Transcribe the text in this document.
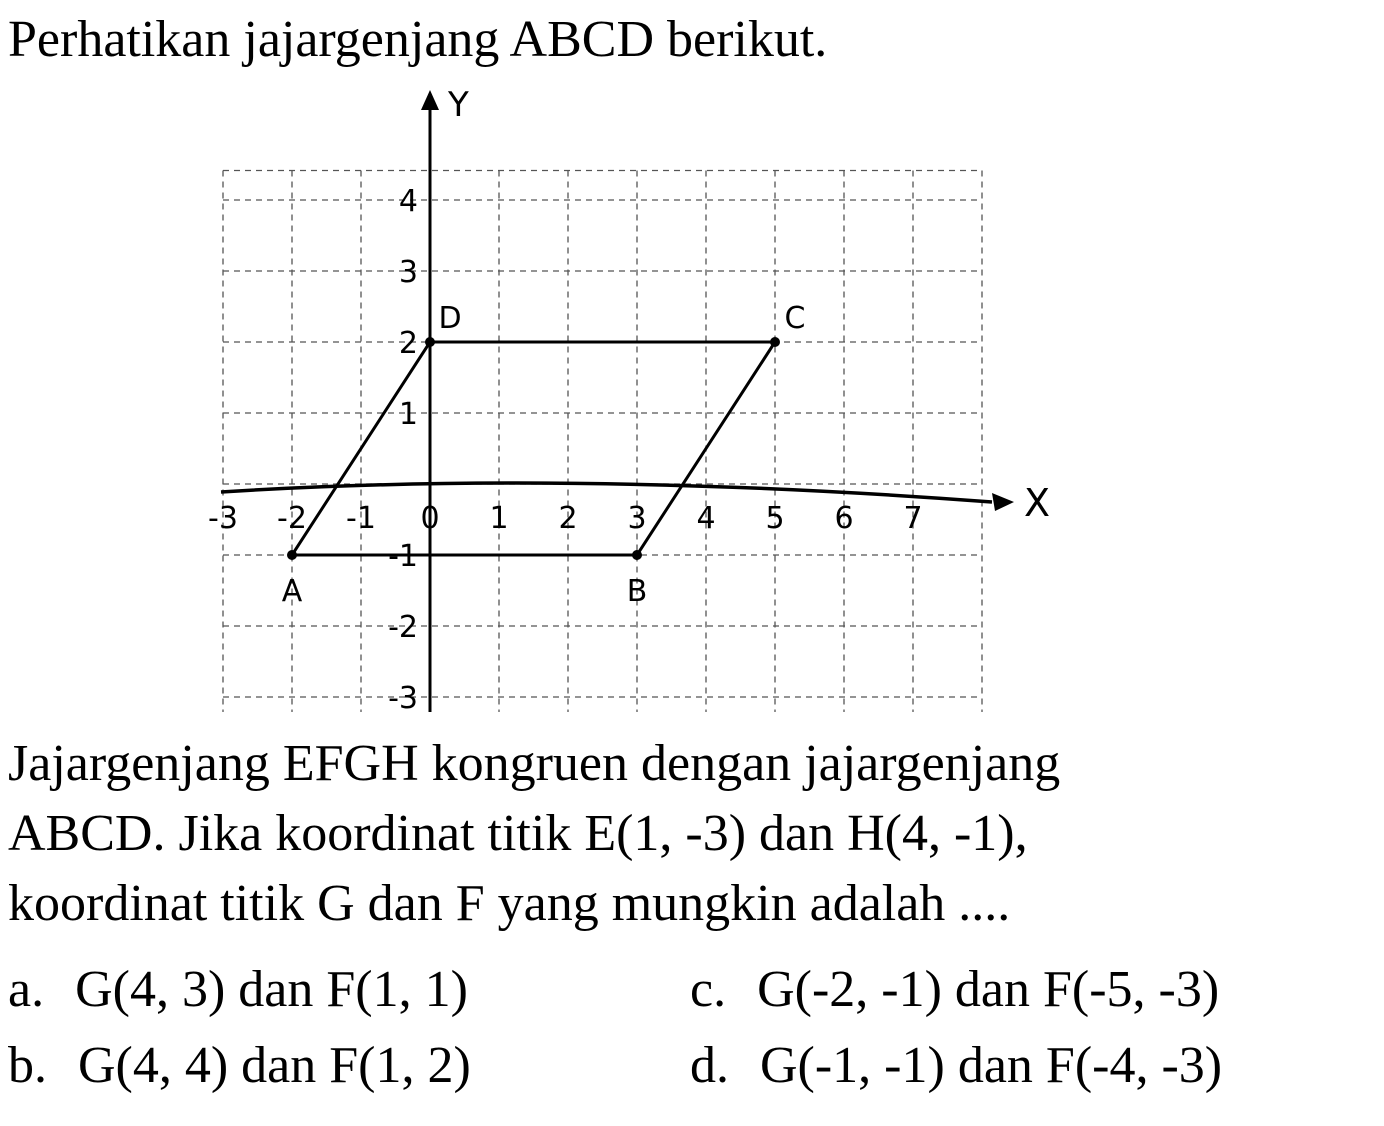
Perhatikan jajargenjang ABCD berikut.
-3 -2 -1 0 1 2 3 4 5 6 7
4
3
2
1
-1
-2
-3
A	B
C
D
X
Y
Jajargenjang EFGH kongruen dengan jajargenjang
ABCD. Jika koordinat titik E(1, -3) dan H(4, -1),
koordinat titik G dan F yang mungkin adalah ....
a. G(4, 3) dan F(1, 1)
b. G(4, 4) dan F(1, 2)
c. G(-2, -1) dan F(-5, -3)
d. G(-1, -1) dan F(-4, -3)
